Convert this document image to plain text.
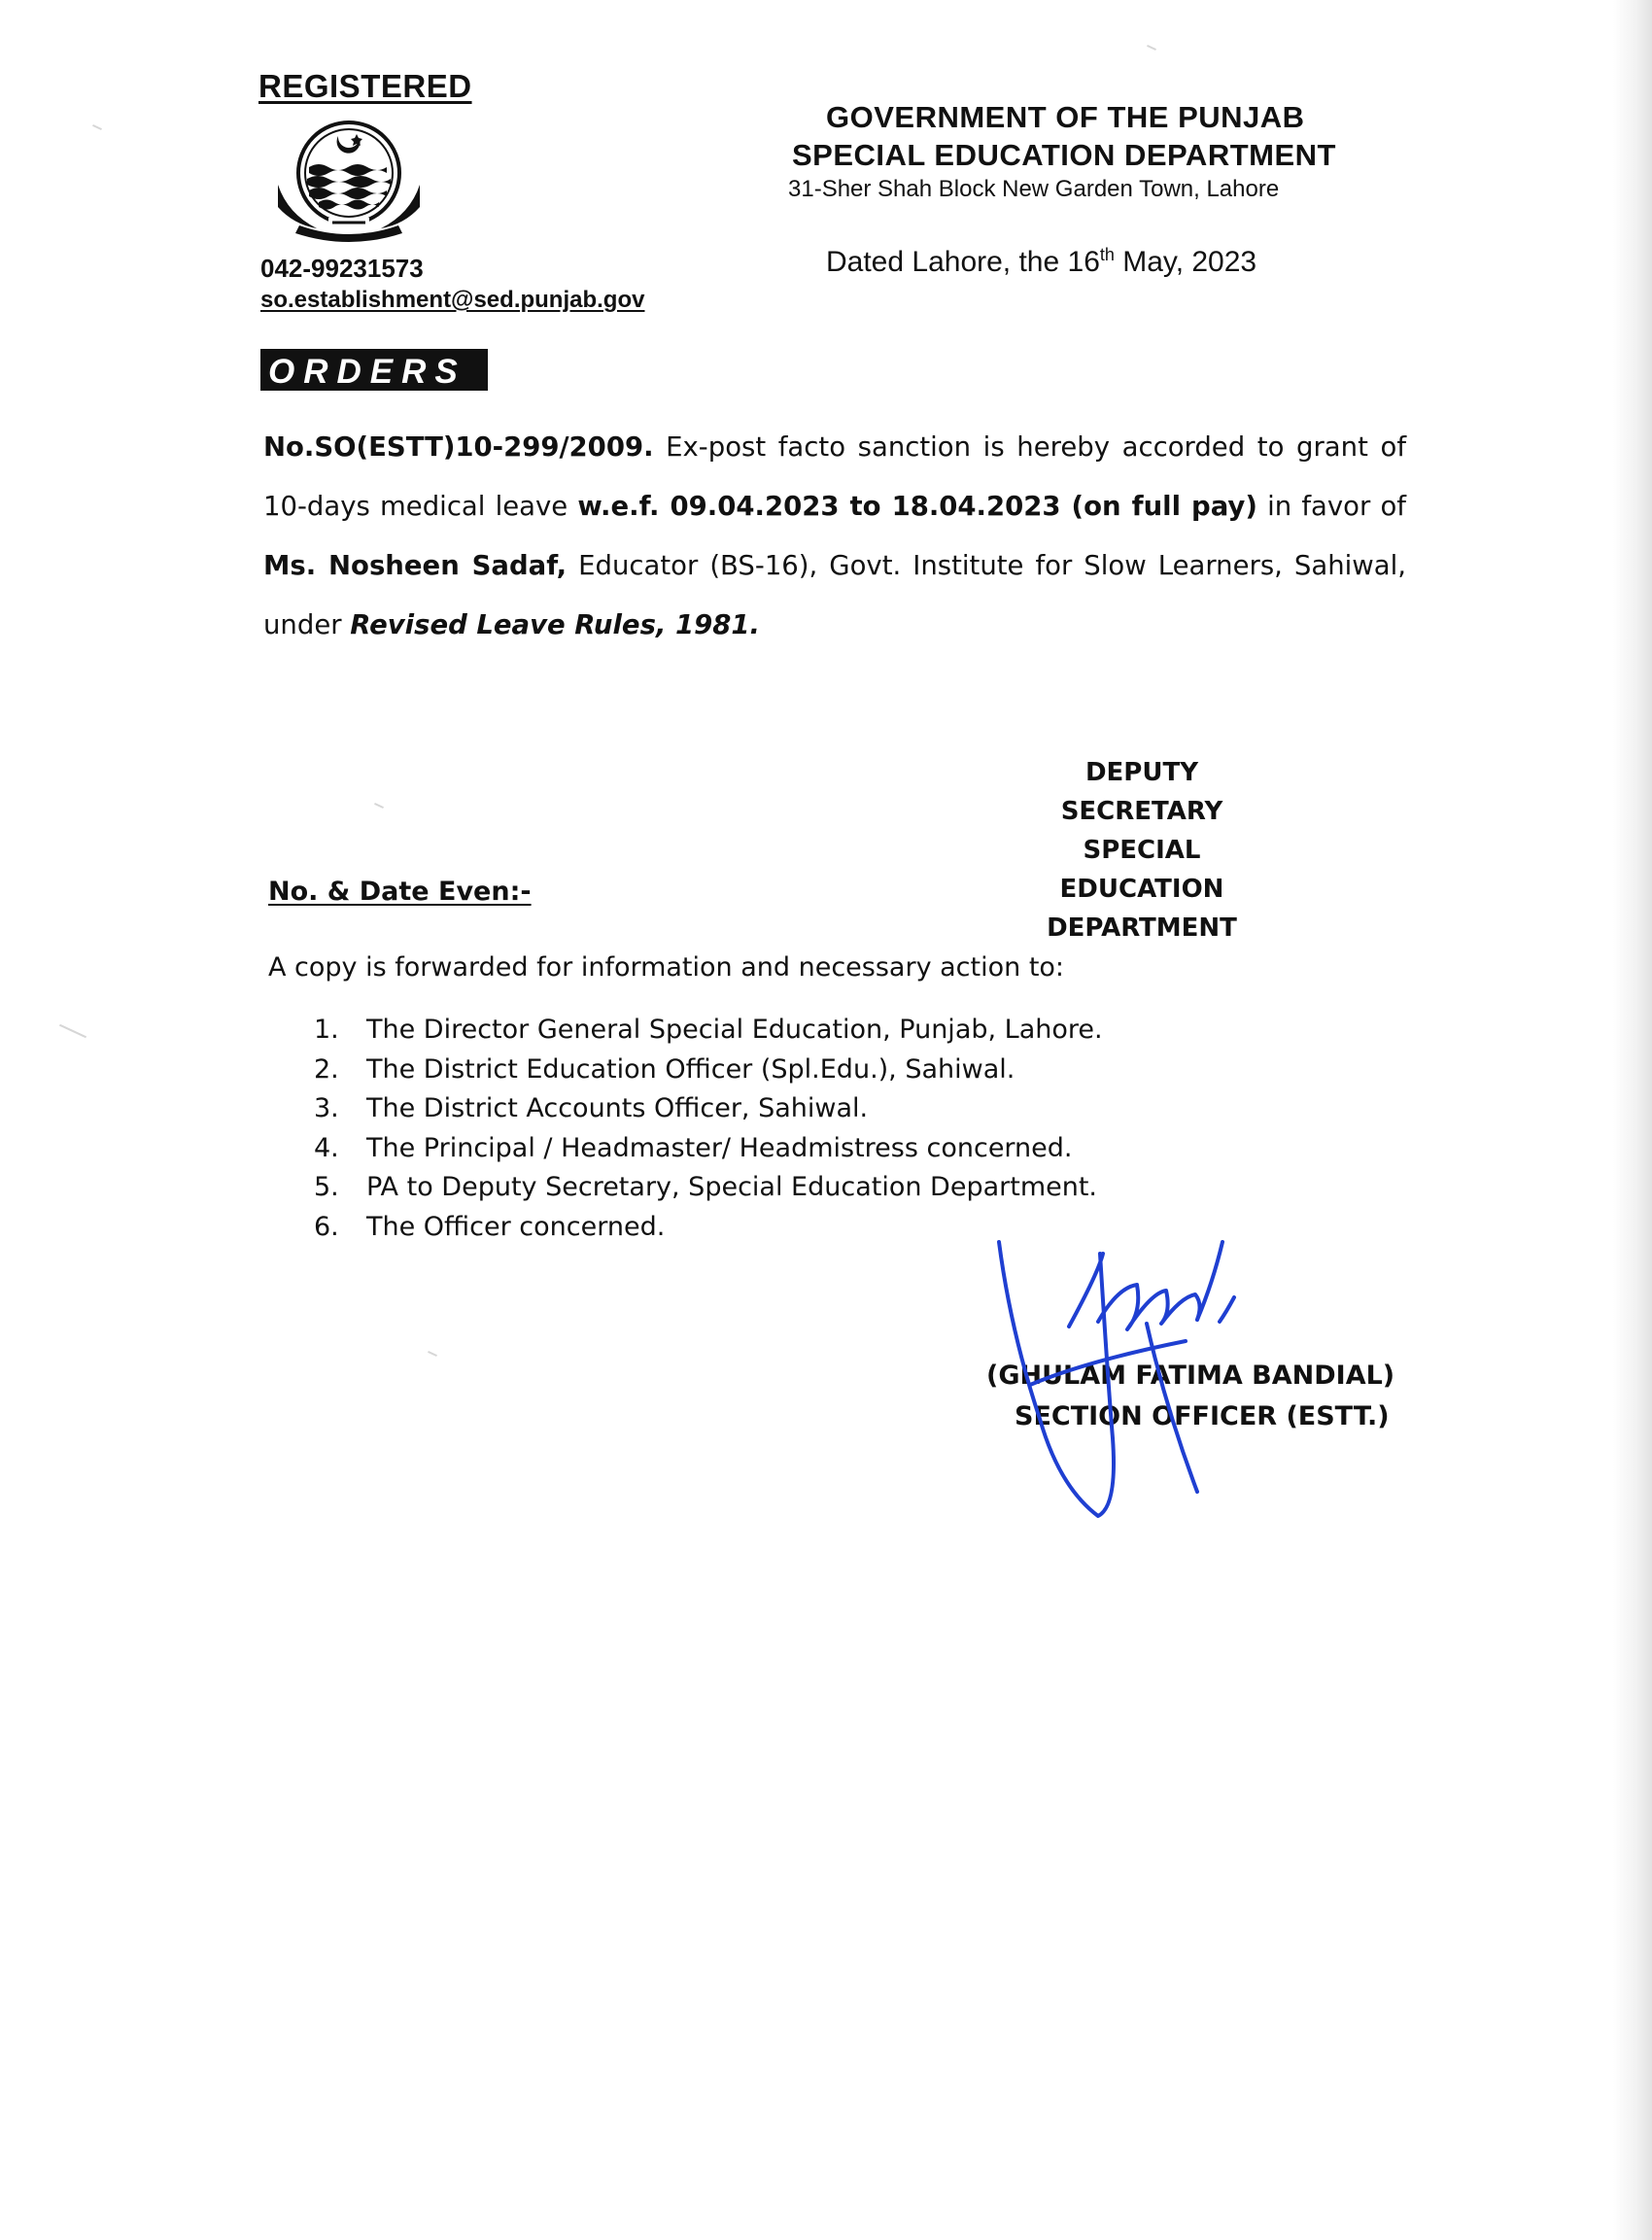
REGISTERED
042-99231573
so.establishment@sed.punjab.gov
GOVERNMENT OF THE PUNJAB
SPECIAL EDUCATION DEPARTMENT
31-Sher Shah Block New Garden Town, Lahore
Dated Lahore, the 16th May, 2023
ORDERS
No.SO(ESTT)10-299/2009. Ex-post facto sanction is hereby accorded to grant of 10-days medical leave w.e.f. 09.04.2023 to 18.04.2023 (on full pay) in favor of Ms. Nosheen Sadaf, Educator (BS-16), Govt. Institute for Slow Learners, Sahiwal, under Revised Leave Rules, 1981.
DEPUTY SECRETARY
SPECIAL EDUCATION
DEPARTMENT
No. & Date Even:-
A copy is forwarded for information and necessary action to:
1. The Director General Special Education, Punjab, Lahore.
2. The District Education Officer (Spl.Edu.), Sahiwal.
3. The District Accounts Officer, Sahiwal.
4. The Principal / Headmaster/ Headmistress concerned.
5. PA to Deputy Secretary, Special Education Department.
6. The Officer concerned.
(GHULAM FATIMA BANDIAL)
SECTION OFFICER (ESTT.)
